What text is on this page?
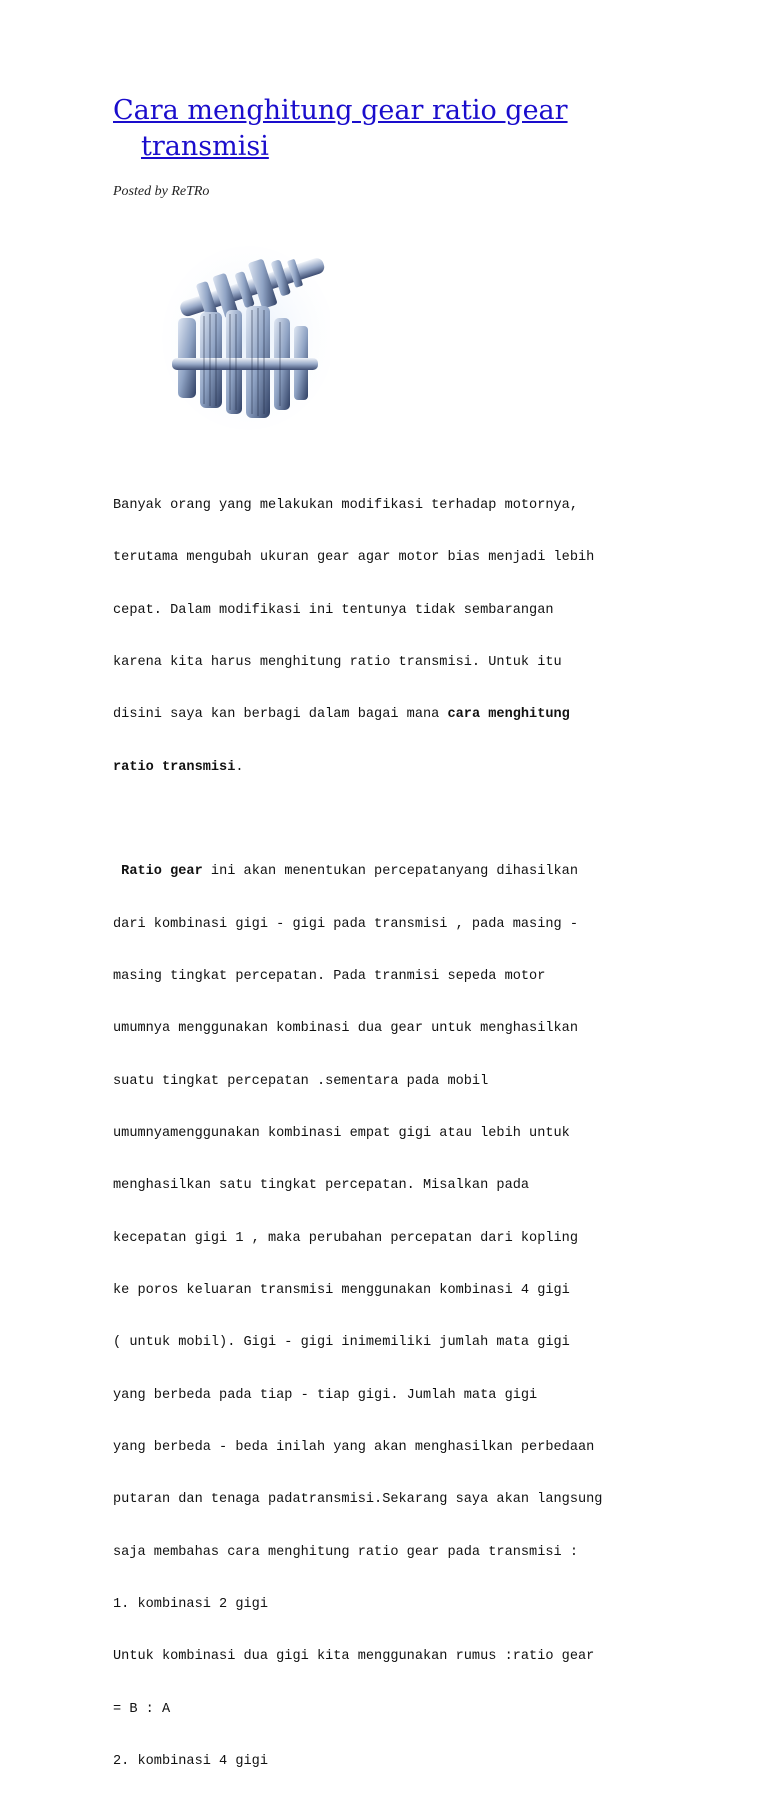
Cara menghitung gear ratio gear
transmisi
Posted by ReTRo

Banyak orang yang melakukan modifikasi terhadap motornya,

terutama mengubah ukuran gear agar motor bias menjadi lebih

cepat. Dalam modifikasi ini tentunya tidak sembarangan

karena kita harus menghitung ratio transmisi. Untuk itu

disini saya kan berbagi dalam bagai mana cara menghitung

ratio transmisi.

Ratio gear ini akan menentukan percepatanyang dihasilkan

dari kombinasi gigi - gigi pada transmisi , pada masing -

masing tingkat percepatan. Pada tranmisi sepeda motor

umumnya menggunakan kombinasi dua gear untuk menghasilkan

suatu tingkat percepatan .sementara pada mobil

umumnyamenggunakan kombinasi empat gigi atau lebih untuk

menghasilkan satu tingkat percepatan. Misalkan pada

kecepatan gigi 1 , maka perubahan percepatan dari kopling

ke poros keluaran transmisi menggunakan kombinasi 4 gigi

( untuk mobil). Gigi - gigi inimemiliki jumlah mata gigi

yang berbeda pada tiap - tiap gigi. Jumlah mata gigi

yang berbeda - beda inilah yang akan menghasilkan perbedaan

putaran dan tenaga padatransmisi.Sekarang saya akan langsung

saja membahas cara menghitung ratio gear pada transmisi :

1. kombinasi 2 gigi

Untuk kombinasi dua gigi kita menggunakan rumus :ratio gear

= B : A

2. kombinasi 4 gigi
